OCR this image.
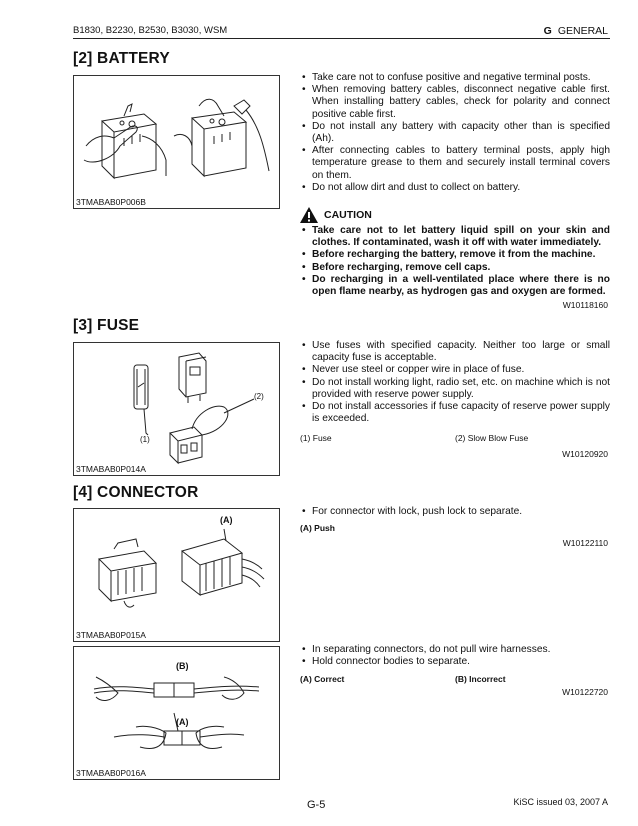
B1830, B2230, B2530, B3030, WSM	G GENERAL
[2] BATTERY
3TMABAB0P006B
• Take care not to confuse positive and negative terminal posts.
• When removing battery cables, disconnect negative cable first. When installing battery cables, check for polarity and connect positive cable first.
• Do not install any battery with capacity other than is specified (Ah).
• After connecting cables to battery terminal posts, apply high temperature grease to them and securely install terminal covers on them.
• Do not allow dirt and dust to collect on battery.
CAUTION
• Take care not to let battery liquid spill on your skin and clothes. If contaminated, wash it off with water immediately.
• Before recharging the battery, remove it from the machine.
• Before recharging, remove cell caps.
• Do recharging in a well-ventilated place where there is no open flame nearby, as hydrogen gas and oxygen are formed.
W10118160
[3] FUSE
(1)
(2)
3TMABAB0P014A
• Use fuses with specified capacity. Neither too large or small capacity fuse is acceptable.
• Never use steel or copper wire in place of fuse.
• Do not install working light, radio set, etc. on machine which is not provided with reserve power supply.
• Do not install accessories if fuse capacity of reserve power supply is exceeded.
(1) Fuse	(2) Slow Blow Fuse
W10120920
[4] CONNECTOR
(A)
3TMABAB0P015A
• For connector with lock, push lock to separate.
(A) Push
W10122110
(B)
(A)
3TMABAB0P016A
• In separating connectors, do not pull wire harnesses.
• Hold connector bodies to separate.
(A) Correct	(B) Incorrect
W10122720
G-5	KiSC issued 03, 2007 A
